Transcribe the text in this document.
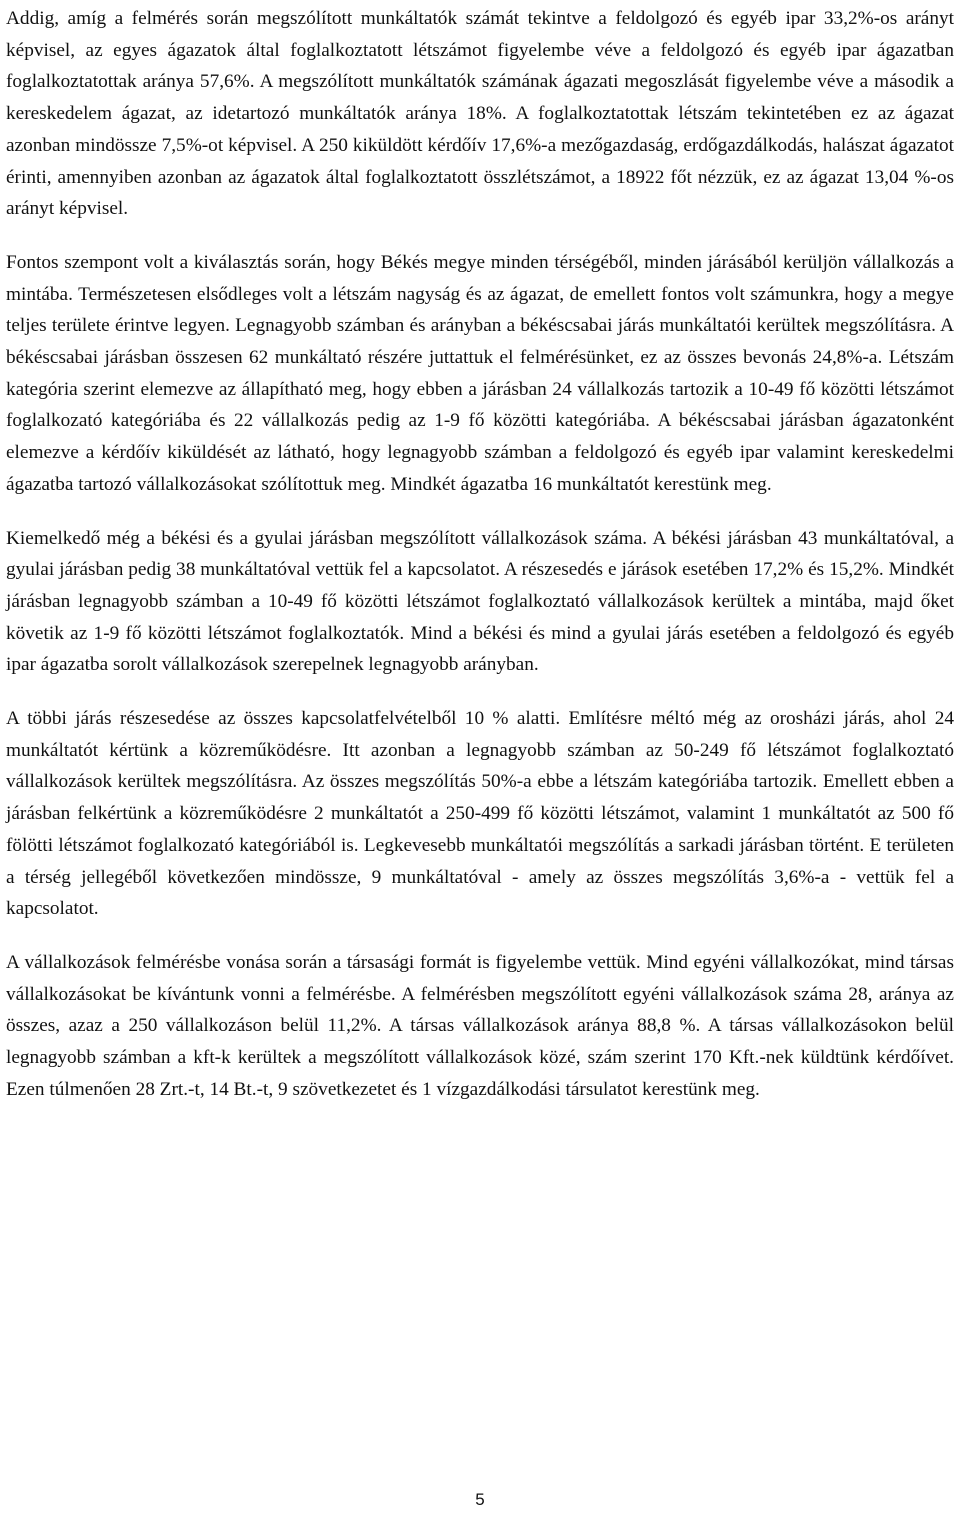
Addig, amíg a felmérés során megszólított munkáltatók számát tekintve a feldolgozó és egyéb ipar 33,2%-os arányt képvisel, az egyes ágazatok által foglalkoztatott létszámot figyelembe véve a feldolgozó és egyéb ipar ágazatban foglalkoztatottak aránya 57,6%. A megszólított munkáltatók számának ágazati megoszlását figyelembe véve a második a kereskedelem ágazat, az idetartozó munkáltatók aránya 18%. A foglalkoztatottak létszám tekintetében ez az ágazat azonban mindössze 7,5%-ot képvisel. A 250 kiküldött kérdőív 17,6%-a mezőgazdaság, erdőgazdálkodás, halászat ágazatot érinti, amennyiben azonban az ágazatok által foglalkoztatott összlétszámot, a 18922 főt nézzük, ez az ágazat 13,04 %-os arányt képvisel.

Fontos szempont volt a kiválasztás során, hogy Békés megye minden térségéből, minden járásából kerüljön vállalkozás a mintába. Természetesen elsődleges volt a létszám nagyság és az ágazat, de emellett fontos volt számunkra, hogy a megye teljes területe érintve legyen. Legnagyobb számban és arányban a békéscsabai járás munkáltatói kerültek megszólításra. A békéscsabai járásban összesen 62 munkáltató részére juttattuk el felmérésünket, ez az összes bevonás 24,8%-a. Létszám kategória szerint elemezve az állapítható meg, hogy ebben a járásban 24 vállalkozás tartozik a 10-49 fő közötti létszámot foglalkozató kategóriába és 22 vállalkozás pedig az 1-9 fő közötti kategóriába. A békéscsabai járásban ágazatonként elemezve a kérdőív kiküldését az látható, hogy legnagyobb számban a feldolgozó és egyéb ipar valamint kereskedelmi ágazatba tartozó vállalkozásokat szólítottuk meg. Mindkét ágazatba 16 munkáltatót kerestünk meg.

Kiemelkedő még a békési és a gyulai járásban megszólított vállalkozások száma. A békési járásban 43 munkáltatóval, a gyulai járásban pedig 38 munkáltatóval vettük fel a kapcsolatot. A részesedés e járások esetében 17,2% és 15,2%. Mindkét járásban legnagyobb számban a 10-49 fő közötti létszámot foglalkoztató vállalkozások kerültek a mintába, majd őket követik az 1-9 fő közötti létszámot foglalkoztatók. Mind a békési és mind a gyulai járás esetében a feldolgozó és egyéb ipar ágazatba sorolt vállalkozások szerepelnek legnagyobb arányban.

A többi járás részesedése az összes kapcsolatfelvételből 10 % alatti. Említésre méltó még az orosházi járás, ahol 24 munkáltatót kértünk a közreműködésre. Itt azonban a legnagyobb számban az 50-249 fő létszámot foglalkoztató vállalkozások kerültek megszólításra. Az összes megszólítás 50%-a ebbe a létszám kategóriába tartozik. Emellett ebben a járásban felkértünk a közreműködésre 2 munkáltatót a 250-499 fő közötti létszámot, valamint 1 munkáltatót az 500 fő fölötti létszámot foglalkozató kategóriából is. Legkevesebb munkáltatói megszólítás a sarkadi járásban történt. E területen a térség jellegéből következően mindössze, 9 munkáltatóval - amely az összes megszólítás 3,6%-a - vettük fel a kapcsolatot.

A vállalkozások felmérésbe vonása során a társasági formát is figyelembe vettük. Mind egyéni vállalkozókat, mind társas vállalkozásokat be kívántunk vonni a felmérésbe. A felmérésben megszólított egyéni vállalkozások száma 28, aránya az összes, azaz a 250 vállalkozáson belül 11,2%. A társas vállalkozások aránya 88,8 %. A társas vállalkozásokon belül legnagyobb számban a kft-k kerültek a megszólított vállalkozások közé, szám szerint 170 Kft.-nek küldtünk kérdőívet. Ezen túlmenően 28 Zrt.-t, 14 Bt.-t, 9 szövetkezetet és 1 vízgazdálkodási társulatot kerestünk meg.

5
